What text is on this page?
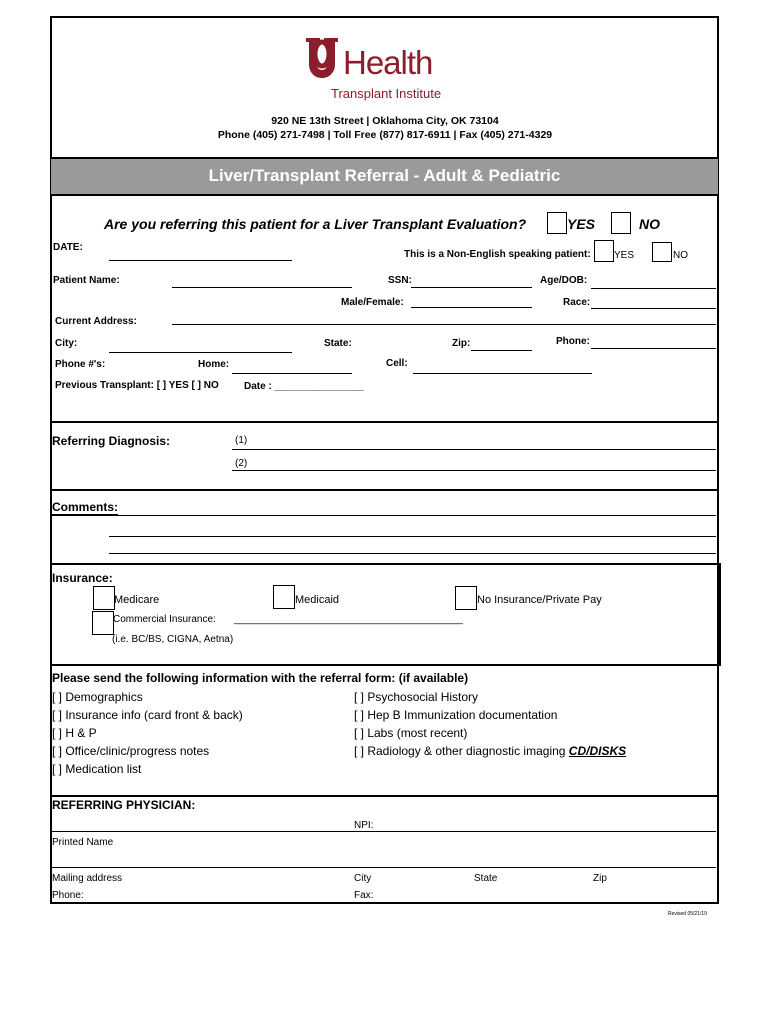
Health
Transplant Institute
920 NE 13th Street | Oklahoma City, OK 73104
Phone (405) 271-7498 | Toll Free (877) 817-6911 | Fax (405) 271-4329
Liver/Transplant Referral - Adult & Pediatric
Are you referring this patient for a Liver Transplant Evaluation?	YES	NO
DATE:
This is a Non-English speaking patient: YES	NO
Patient Name:	SSN:	Age/DOB:
Male/Female:	Race:
Current Address:
City:	State:	Zip:	Phone:
Phone #'s:	Home:	Cell:
Previous Transplant: [ ] YES [ ] NO	Date : ________________
Referring Diagnosis:	(1)
(2)
Comments:
Insurance:
Medicare	Medicaid	No Insurance/Private Pay
Commercial Insurance: ______________________________________________
(i.e. BC/BS, CIGNA, Aetna)
Please send the following information with the referral form: (if available)
[ ] Demographics
[ ] Insurance info (card front & back)
[ ] H & P
[ ] Office/clinic/progress notes
[ ] Medication list
[ ] Psychosocial History
[ ] Hep B Immunization documentation
[ ] Labs (most recent)
[ ] Radiology & other diagnostic imaging CD/DISKS
REFERRING PHYSICIAN:
NPI:
Printed Name
Mailing address	City	State	Zip
Phone:	Fax:
Revised 05/21/19
